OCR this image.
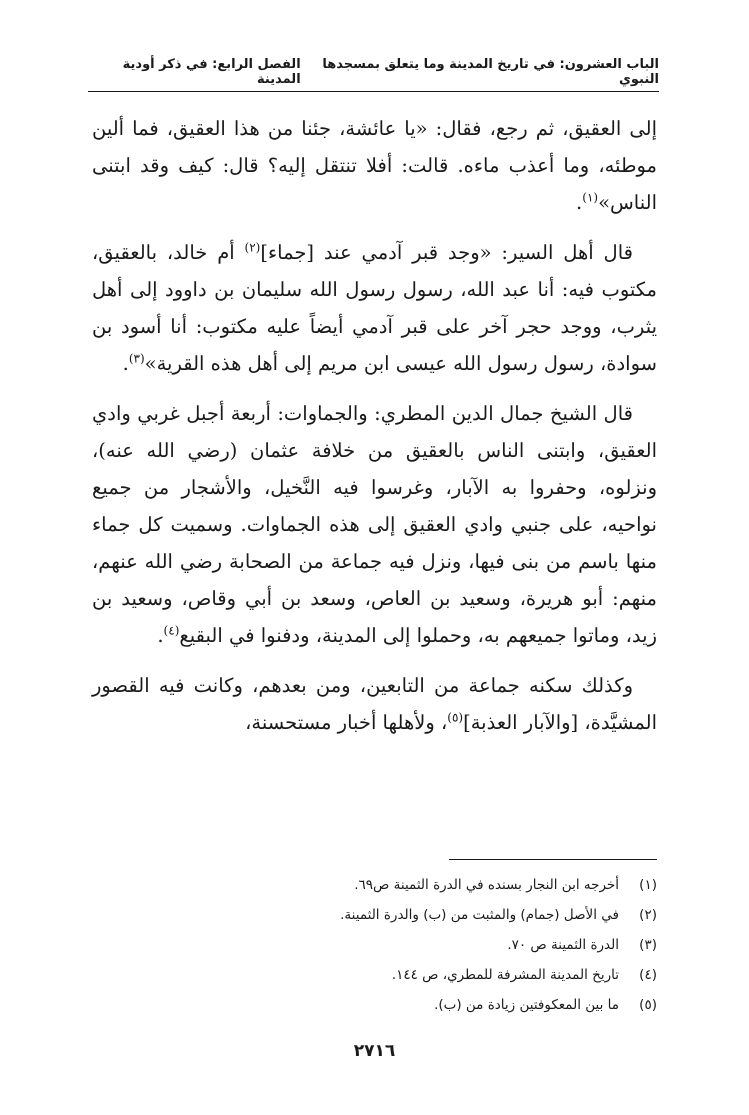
الباب العشرون: في تاريخ المدينة وما يتعلق بمسجدها النبوي
الفصل الرابع: في ذكر أودية المدينة

إلى العقيق، ثم رجع، فقال: «يا عائشة، جئنا من هذا العقيق، فما ألين موطئه، وما أعذب ماءه. قالت: أفلا تنتقل إليه؟ قال: كيف وقد ابتنى الناس»$^{(١)}$.

قال أهل السير: «وجد قبر آدمي عند [جماء]$^{(٢)}$ أم خالد، بالعقيق، مكتوب فيه: أنا عبد الله، رسول رسول الله سليمان بن داوود إلى أهل يثرب، ووجد حجر آخر على قبر آدمي أيضاً عليه مكتوب: أنا أسود بن سوادة، رسول رسول الله عيسى ابن مريم إلى أهل هذه القرية»$^{(٣)}$.

قال الشيخ جمال الدين المطري: والجماوات: أربعة أجبل غربي وادي العقيق، وابتنى الناس بالعقيق من خلافة عثمان (رضي الله عنه)، ونزلوه، وحفروا به الآبار، وغرسوا فيه النَّخيل، والأشجار من جميع نواحيه، على جنبي وادي العقيق إلى هذه الجماوات. وسميت كل جماء منها باسم من بنى فيها، ونزل فيه جماعة من الصحابة رضي الله عنهم، منهم: أبو هريرة، وسعيد بن العاص، وسعد بن أبي وقاص، وسعيد بن زيد، وماتوا جميعهم به، وحملوا إلى المدينة، ودفنوا في البقيع$^{(٤)}$.

وكذلك سكنه جماعة من التابعين، ومن بعدهم، وكانت فيه القصور المشيَّدة، [والآبار العذبة]$^{(٥)}$، ولأهلها أخبار مستحسنة،

(١)
أخرجه ابن النجار بسنده في الدرة الثمينة ص٦٩.
(٢)
في الأصل (جمام) والمثبت من (ب) والدرة الثمينة.
(٣)
الدرة الثمينة ص ٧٠.
(٤)
تاريخ المدينة المشرفة للمطري، ص ١٤٤.
(٥)
ما بين المعكوفتين زيادة من (ب).
٢٧١٦
